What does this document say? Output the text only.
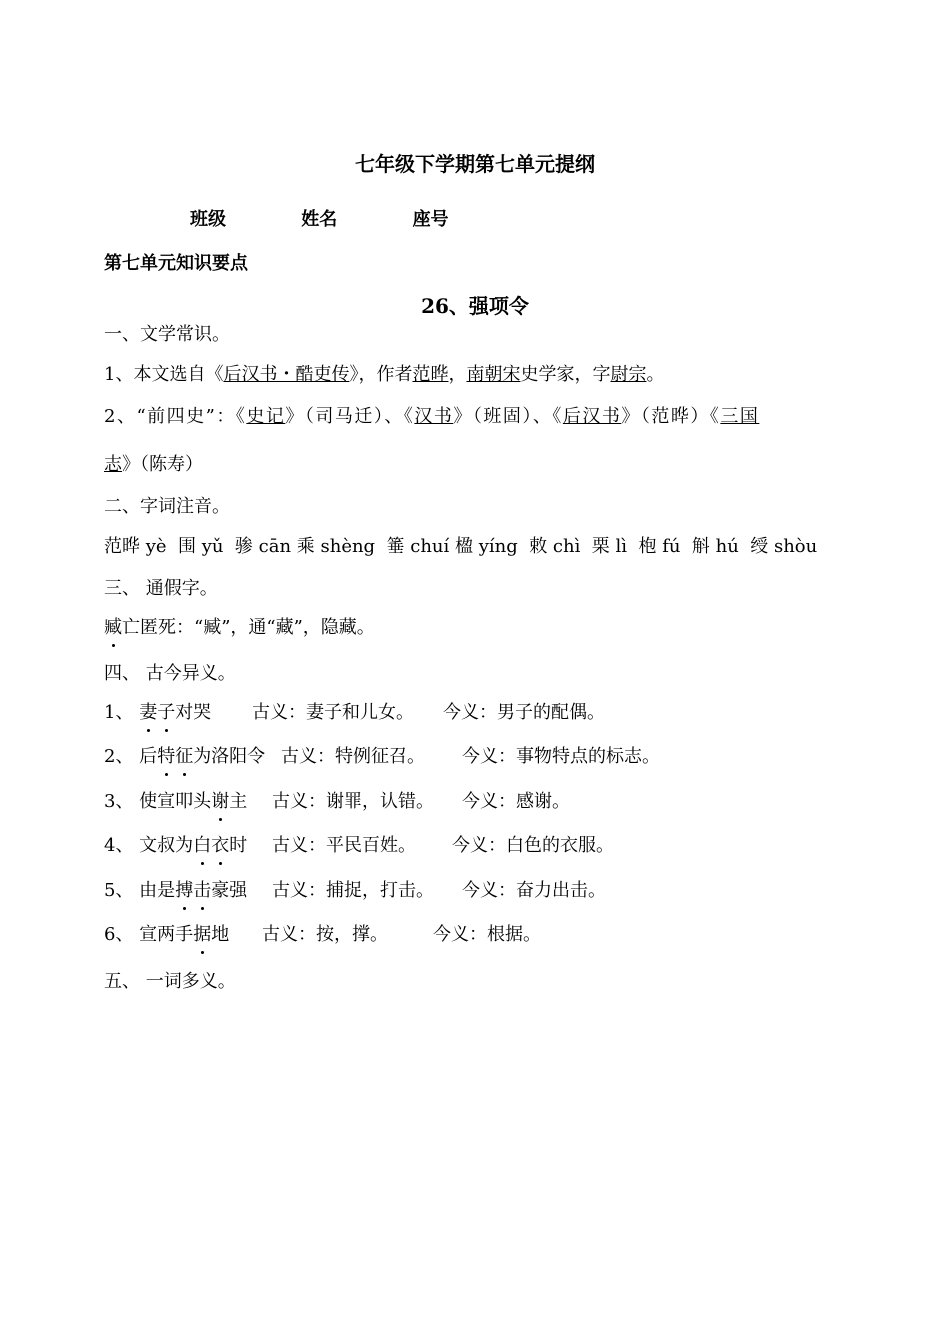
七年级下学期第七单元提纲
班级	姓名	座号
第七单元知识要点
26、强项令
一、文学常识。
1、本文选自《后汉书・酷吏传》，作者范晔，南朝宋史学家，字尉宗。
2、“前四史”：《史记》（司马迁）、《汉书》（班固）、《后汉书》（范晔）《三国
志》（陈寿）
二、字词注音。
范晔 yè  围 yǔ  骖 cān 乘 shèng  箠 chuí 楹 yíng  敕 chì  栗 lì  枹 fú  斛 hú  绶 shòu
三、 通假字。
臧亡匿死：“臧”，通“藏”，隐藏。
四、 古今异义。
1、 妻子对哭 古义：妻子和儿女。 今义：男子的配偶。
2、 后特征为洛阳令 古义：特例征召。 今义：事物特点的标志。
3、 使宣叩头谢主 古义：谢罪，认错。 今义：感谢。
4、 文叔为白衣时 古义：平民百姓。 今义：白色的衣服。
5、 由是搏击豪强 古义：捕捉，打击。 今义：奋力出击。
6、 宣两手据地 古义：按，撑。	今义：根据。
五、 一词多义。
